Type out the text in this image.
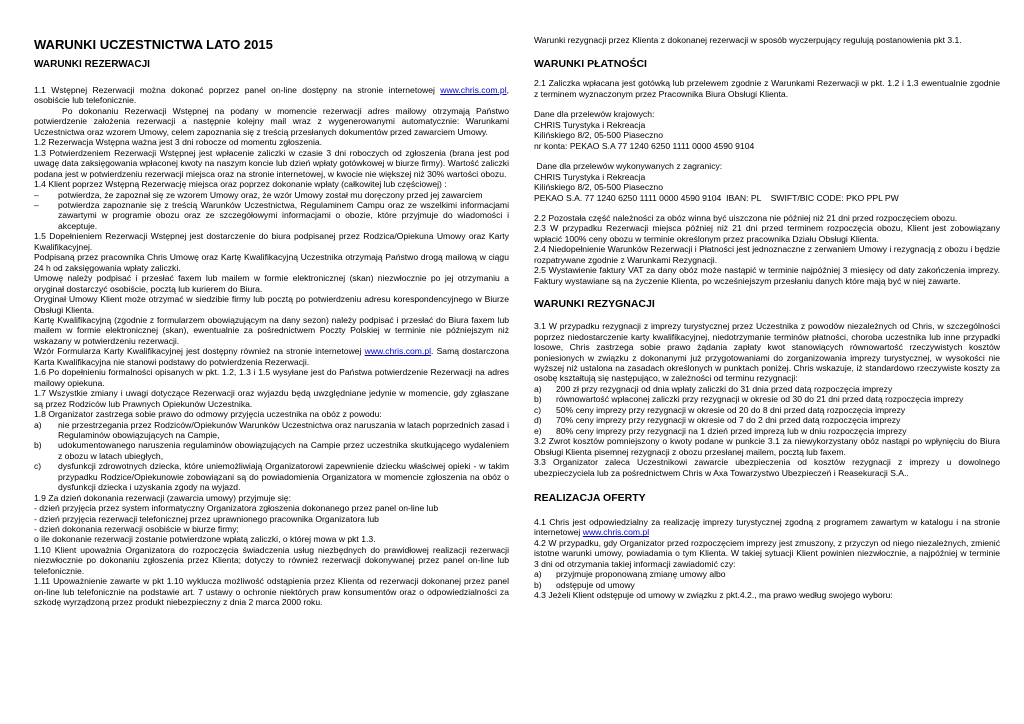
WARUNKI UCZESTNICTWA LATO 2015
WARUNKI REZERWACJI

1.1 Wstępnej Rezerwacji można dokonać poprzez panel on-line dostępny na stronie internetowej www.chris.com.pl, osobiście lub telefonicznie.

Po dokonaniu Rezerwacji Wstępnej na podany w momencie rezerwacji adres mailowy otrzymają Państwo potwierdzenie założenia rezerwacji a następnie kolejny mail wraz z wygenerowanymi automatycznie: Warunkami Uczestnictwa oraz wzorem Umowy, celem zapoznania się z treścią przesłanych dokumentów przed zawarciem Umowy.

1.2 Rezerwacja Wstępna ważna jest 3 dni robocze od momentu zgłoszenia.

1.3 Potwierdzeniem Rezerwacji Wstępnej jest wpłacenie zaliczki w czasie 3 dni roboczych od zgłoszenia (brana jest pod uwagę data zaksięgowania wpłaconej kwoty na naszym koncie lub dzień wpłaty gotówkowej w biurze firmy). Wartość zaliczki podana jest w potwierdzeniu rezerwacji miejsca oraz na stronie internetowej, w kwocie nie większej niż 30% wartości obozu.

1.4 Klient poprzez Wstępną Rezerwację miejsca oraz poprzez dokonanie wpłaty (całkowitej lub częściowej) :

– potwierdza, że zapoznał się ze wzorem Umowy oraz, że wzór Umowy został mu doręczony przed jej zawarciem
– potwierdza zapoznanie się z treścią Warunków Uczestnictwa, Regulaminem Campu oraz ze wszelkimi informacjami zawartymi w programie obozu oraz ze szczegółowymi informacjami o obozie, które przyjmuje do wiadomości i akceptuje.

1.5 Dopełnieniem Rezerwacji Wstępnej jest dostarczenie do biura podpisanej przez Rodzica/Opiekuna Umowy oraz Karty Kwalifikacyjnej.

Podpisaną przez pracownika Chris Umowę oraz Kartę Kwalifikacyjną Uczestnika otrzymają Państwo drogą mailową w ciągu 24 h od zaksięgowania wpłaty zaliczki.

Umowę należy podpisać i przesłać faxem lub mailem w formie elektronicznej (skan) niezwłocznie po jej otrzymaniu a oryginał dostarczyć osobiście, pocztą lub kurierem do Biura.

Oryginał Umowy Klient może otrzymać w siedzibie firmy lub pocztą po potwierdzeniu adresu korespondencyjnego w Biurze Obsługi Klienta.

Kartę Kwalifikacyjną (zgodnie z formularzem obowiązującym na dany sezon) należy podpisać i przesłać do Biura faxem lub mailem w formie elektronicznej (skan), ewentualnie za pośrednictwem Poczty Polskiej w terminie nie późniejszym niż wskazany w potwierdzeniu rezerwacji.

Wzór Formularza Karty Kwalifikacyjnej jest dostępny również na stronie internetowej www.chris.com.pl. Samą dostarczona Karta Kwalifikacyjna nie stanowi podstawy do potwierdzenia Rezerwacji.

1.6 Po dopełnieniu formalności opisanych w pkt. 1.2, 1.3 i 1.5 wysyłane jest do Państwa potwierdzenie Rezerwacji na adres mailowy opiekuna.

1.7 Wszystkie zmiany i uwagi dotyczące Rezerwacji oraz wyjazdu będą uwzględniane jedynie w momencie, gdy zgłaszane są przez Rodziców lub Prawnych Opiekunów Uczestnika.

1.8 Organizator zastrzega sobie prawo do odmowy przyjęcia uczestnika na obóz z powodu:

a) nie przestrzegania przez Rodziców/Opiekunów Warunków Uczestnictwa oraz naruszania w latach poprzednich zasad i Regulaminów obowiązujących na Campie,
b) udokumentowanego naruszenia regulaminów obowiązujących na Campie przez uczestnika skutkującego wydaleniem z obozu w latach ubiegłych,
c) dysfunkcji zdrowotnych dziecka, które uniemożliwiają Organizatorowi zapewnienie dziecku właściwej opieki - w takim przypadku Rodzice/Opiekunowie zobowiązani są do powiadomienia Organizatora w momencie zgłoszenia na obóz o dysfunkcji dziecka i uzyskania zgody na wyjazd.

1.9 Za dzień dokonania rezerwacji (zawarcia umowy) przyjmuje się:

- dzień przyjęcia przez system informatyczny Organizatora zgłoszenia dokonanego przez panel on-line lub

- dzień przyjęcia rezerwacji telefonicznej przez uprawnionego pracownika Organizatora lub

- dzień dokonania rezerwacji osobiście w biurze firmy;

o ile dokonanie rezerwacji zostanie potwierdzone wpłatą zaliczki, o której mowa w pkt 1.3.

1.10 Klient upoważnia Organizatora do rozpoczęcia świadczenia usług niezbędnych do prawidłowej realizacji rezerwacji niezwłocznie po dokonaniu zgłoszenia przez Klienta; dotyczy to również rezerwacji dokonywanej przez panel on-line lub telefonicznie.

1.11 Upoważnienie zawarte w pkt 1.10 wyklucza możliwość odstąpienia przez Klienta od rezerwacji dokonanej przez panel on-line lub telefonicznie na podstawie art. 7 ustawy o ochronie niektórych praw konsumentów oraz o odpowiedzialności za szkodę wyrządzoną przez produkt niebezpieczny z dnia 2 marca 2000 roku.

Warunki rezygnacji przez Klienta z dokonanej rezerwacji w sposób wyczerpujący regulują postanowienia pkt 3.1.

WARUNKI PŁATNOŚCI

2.1 Zaliczka wpłacana jest gotówką lub przelewem zgodnie z Warunkami Rezerwacji w pkt. 1.2 i 1.3 ewentualnie zgodnie z terminem wyznaczonym przez Pracownika Biura Obsługi Klienta.

Dane dla przelewów krajowych:

CHRIS Turystyka i Rekreacja

Kilińskiego 8/2, 05-500 Piaseczno

nr konta: PEKAO S.A 77 1240 6250 1111 0000 4590 9104

Dane dla przelewów wykonywanych z zagranicy:

CHRIS Turystyka i Rekreacja

Kilińskiego 8/2, 05-500 Piaseczno

PEKAO S.A. 77 1240 6250 1111 0000 4590 9104  IBAN: PL    SWIFT/BIC CODE: PKO PPL PW

2.2 Pozostała część należności za obóz winna być uiszczona nie później niż 21 dni przed rozpoczęciem obozu.

2.3 W przypadku Rezerwacji miejsca później niż 21 dni przed terminem rozpoczęcia obozu, Klient jest zobowiązany wpłacić 100% ceny obozu w terminie określonym przez pracownika Działu Obsługi Klienta.

2.4 Niedopełnienie Warunków Rezerwacji i Płatności jest jednoznaczne z zerwaniem Umowy i rezygnacją z obozu i będzie rozpatrywane zgodnie z Warunkami Rezygnacji.

2.5 Wystawienie faktury VAT za dany obóz może nastąpić w terminie najpóźniej 3 miesięcy od daty zakończenia imprezy. Faktury wystawiane są na życzenie Klienta, po wcześniejszym przesłaniu danych które mają być w niej zawarte.

WARUNKI REZYGNACJI

3.1 W przypadku rezygnacji z imprezy turystycznej przez Uczestnika z powodów niezależnych od Chris, w szczególności poprzez niedostarczenie karty kwalifikacyjnej, niedotrzymanie terminów płatności, choroba uczestnika lub inne przypadki losowe, Chris zastrzega sobie prawo żądania zapłaty kwot stanowiących równowartość rzeczywistych kosztów poniesionych w związku z dokonanymi już przygotowaniami do zorganizowania imprezy turystycznej, w wysokości nie wyższej niż ustalona na zasadach określonych w punktach poniżej. Chris wskazuje, iż standardowo rzeczywiste koszty za osobę kształtują się następująco, w zależności od terminu rezygnacji:

a) 200 zł przy rezygnacji od dnia wpłaty zaliczki do 31 dnia przed datą rozpoczęcia imprezy
b) równowartość wpłaconej zaliczki przy rezygnacji w okresie od 30 do 21 dni przed datą rozpoczęcia imprezy
c) 50% ceny imprezy przy rezygnacji w okresie od 20 do 8 dni przed datą rozpoczęcia imprezy
d) 70% ceny imprezy przy rezygnacji w okresie od 7 do 2 dni przed datą rozpoczęcia imprezy
e) 80% ceny imprezy przy rezygnacji na 1 dzień przed imprezą lub w dniu rozpoczęcia imprezy

3.2 Zwrot kosztów pomniejszony o kwoty podane w punkcie 3.1 za niewykorzystany obóz nastąpi po wpłynięciu do Biura Obsługi Klienta pisemnej rezygnacji z obozu przesłanej mailem, pocztą lub faxem.

3.3 Organizator zaleca Uczestnikowi zawarcie ubezpieczenia od kosztów rezygnacji z imprezy u dowolnego ubezpieczyciela lub za pośrednictwem Chris w Axa Towarzystwo Ubezpieczeń i Reasekuracji S.A..

REALIZACJA OFERTY

4.1 Chris jest odpowiedzialny za realizację imprezy turystycznej zgodną z programem zawartym w katalogu i na stronie internetowej www.chris.com.pl

4.2 W przypadku, gdy Organizator przed rozpoczęciem imprezy jest zmuszony, z przyczyn od niego niezależnych, zmienić istotne warunki umowy, powiadamia o tym Klienta. W takiej sytuacji Klient powinien niezwłocznie, a najpóźniej w terminie 3 dni od otrzymania takiej informacji zawiadomić czy:

a) przyjmuje proponowaną zmianę umowy albo
b) odstępuje od umowy

4.3 Jeżeli Klient odstępuje od umowy w związku z pkt.4.2., ma prawo według swojego wyboru:
